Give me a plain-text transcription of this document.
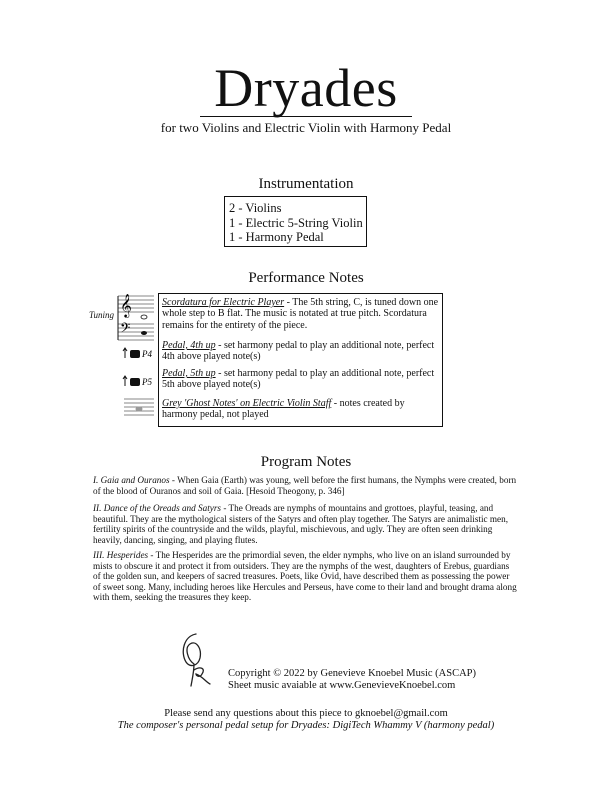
Dryades
for two Violins and Electric Violin with Harmony Pedal
Instrumentation
2 - Violins
1 - Electric 5-String Violin
1 - Harmony Pedal
Performance Notes
Tuning 𝄞
𝄢
P4
P5
Scordatura for Electric Player - The 5th string, C, is tuned down one whole step to B flat. The music is notated at true pitch. Scordatura remains for the entirety of the piece.
Pedal, 4th up - set harmony pedal to play an additional note, perfect 4th above played note(s)
Pedal, 5th up - set harmony pedal to play an additional note, perfect 5th above played note(s)
Grey 'Ghost Notes' on Electric Violin Staff - notes created by harmony pedal, not played
Program Notes
I. Gaia and Ouranos - When Gaia (Earth) was young, well before the first humans, the Nymphs were created, born of the blood of Ouranos and soil of Gaia. [Hesoid Theogony, p. 346]
II. Dance of the Oreads and Satyrs - The Oreads are nymphs of mountains and grottoes, playful, teasing, and beautiful. They are the mythological sisters of the Satyrs and often play together. The Satyrs are animalistic men, fertility spirits of the countryside and the wilds, playful, mischievous, and ugly. They are often seen drinking heavily, dancing, singing, and playing flutes.
III. Hesperides - The Hesperides are the primordial seven, the elder nymphs, who live on an island surrounded by mists to obscure it and protect it from outsiders. They are the nymphs of the west, daughters of Erebus, guardians of the golden sun, and keepers of sacred treasures. Poets, like Ovid, have described them as possessing the power of sweet song. Many, including heroes like Hercules and Perseus, have come to their land and brought drama along with them, seeking the treasures they keep.
Copyright © 2022 by Genevieve Knoebel Music (ASCAP)
Sheet music avaiable at www.GenevieveKnoebel.com
Please send any questions about this piece to gknoebel@gmail.com
The composer's personal pedal setup for Dryades: DigiTech Whammy V (harmony pedal)
